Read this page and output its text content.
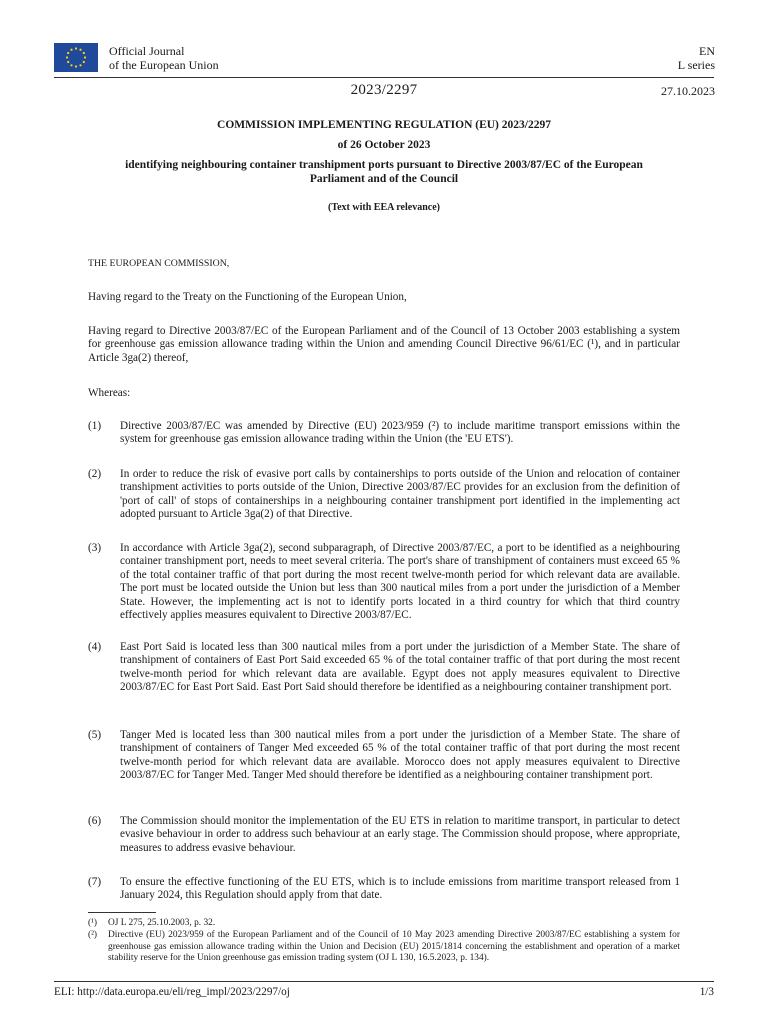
Official Journal
of the European Union
EN
L series
2023/2297	27.10.2023
COMMISSION IMPLEMENTING REGULATION (EU) 2023/2297
of 26 October 2023
identifying neighbouring container transhipment ports pursuant to Directive 2003/87/EC of the European Parliament and of the Council
(Text with EEA relevance)
THE EUROPEAN COMMISSION,
Having regard to the Treaty on the Functioning of the European Union,
Having regard to Directive 2003/87/EC of the European Parliament and of the Council of 13 October 2003 establishing a system for greenhouse gas emission allowance trading within the Union and amending Council Directive 96/61/EC (¹), and in particular Article 3ga(2) thereof,
Whereas:
(1) Directive 2003/87/EC was amended by Directive (EU) 2023/959 (²) to include maritime transport emissions within the system for greenhouse gas emission allowance trading within the Union (the 'EU ETS').
(2) In order to reduce the risk of evasive port calls by containerships to ports outside of the Union and relocation of container transhipment activities to ports outside of the Union, Directive 2003/87/EC provides for an exclusion from the definition of 'port of call' of stops of containerships in a neighbouring container transhipment port identified in the implementing act adopted pursuant to Article 3ga(2) of that Directive.
(3) In accordance with Article 3ga(2), second subparagraph, of Directive 2003/87/EC, a port to be identified as a neighbouring container transhipment port, needs to meet several criteria. The port's share of transhipment of containers must exceed 65 % of the total container traffic of that port during the most recent twelve-month period for which relevant data are available. The port must be located outside the Union but less than 300 nautical miles from a port under the jurisdiction of a Member State. However, the implementing act is not to identify ports located in a third country for which that third country effectively applies measures equivalent to Directive 2003/87/EC.
(4) East Port Said is located less than 300 nautical miles from a port under the jurisdiction of a Member State. The share of transhipment of containers of East Port Said exceeded 65 % of the total container traffic of that port during the most recent twelve-month period for which relevant data are available. Egypt does not apply measures equivalent to Directive 2003/87/EC for East Port Said. East Port Said should therefore be identified as a neighbouring container transhipment port.
(5) Tanger Med is located less than 300 nautical miles from a port under the jurisdiction of a Member State. The share of transhipment of containers of Tanger Med exceeded 65 % of the total container traffic of that port during the most recent twelve-month period for which relevant data are available. Morocco does not apply measures equivalent to Directive 2003/87/EC for Tanger Med. Tanger Med should therefore be identified as a neighbouring container transhipment port.
(6) The Commission should monitor the implementation of the EU ETS in relation to maritime transport, in particular to detect evasive behaviour in order to address such behaviour at an early stage. The Commission should propose, where appropriate, measures to address evasive behaviour.
(7) To ensure the effective functioning of the EU ETS, which is to include emissions from maritime transport released from 1 January 2024, this Regulation should apply from that date.
(¹) OJ L 275, 25.10.2003, p. 32.
(²) Directive (EU) 2023/959 of the European Parliament and of the Council of 10 May 2023 amending Directive 2003/87/EC establishing a system for greenhouse gas emission allowance trading within the Union and Decision (EU) 2015/1814 concerning the establishment and operation of a market stability reserve for the Union greenhouse gas emission trading system (OJ L 130, 16.5.2023, p. 134).
ELI: http://data.europa.eu/eli/reg_impl/2023/2297/oj	1/3
